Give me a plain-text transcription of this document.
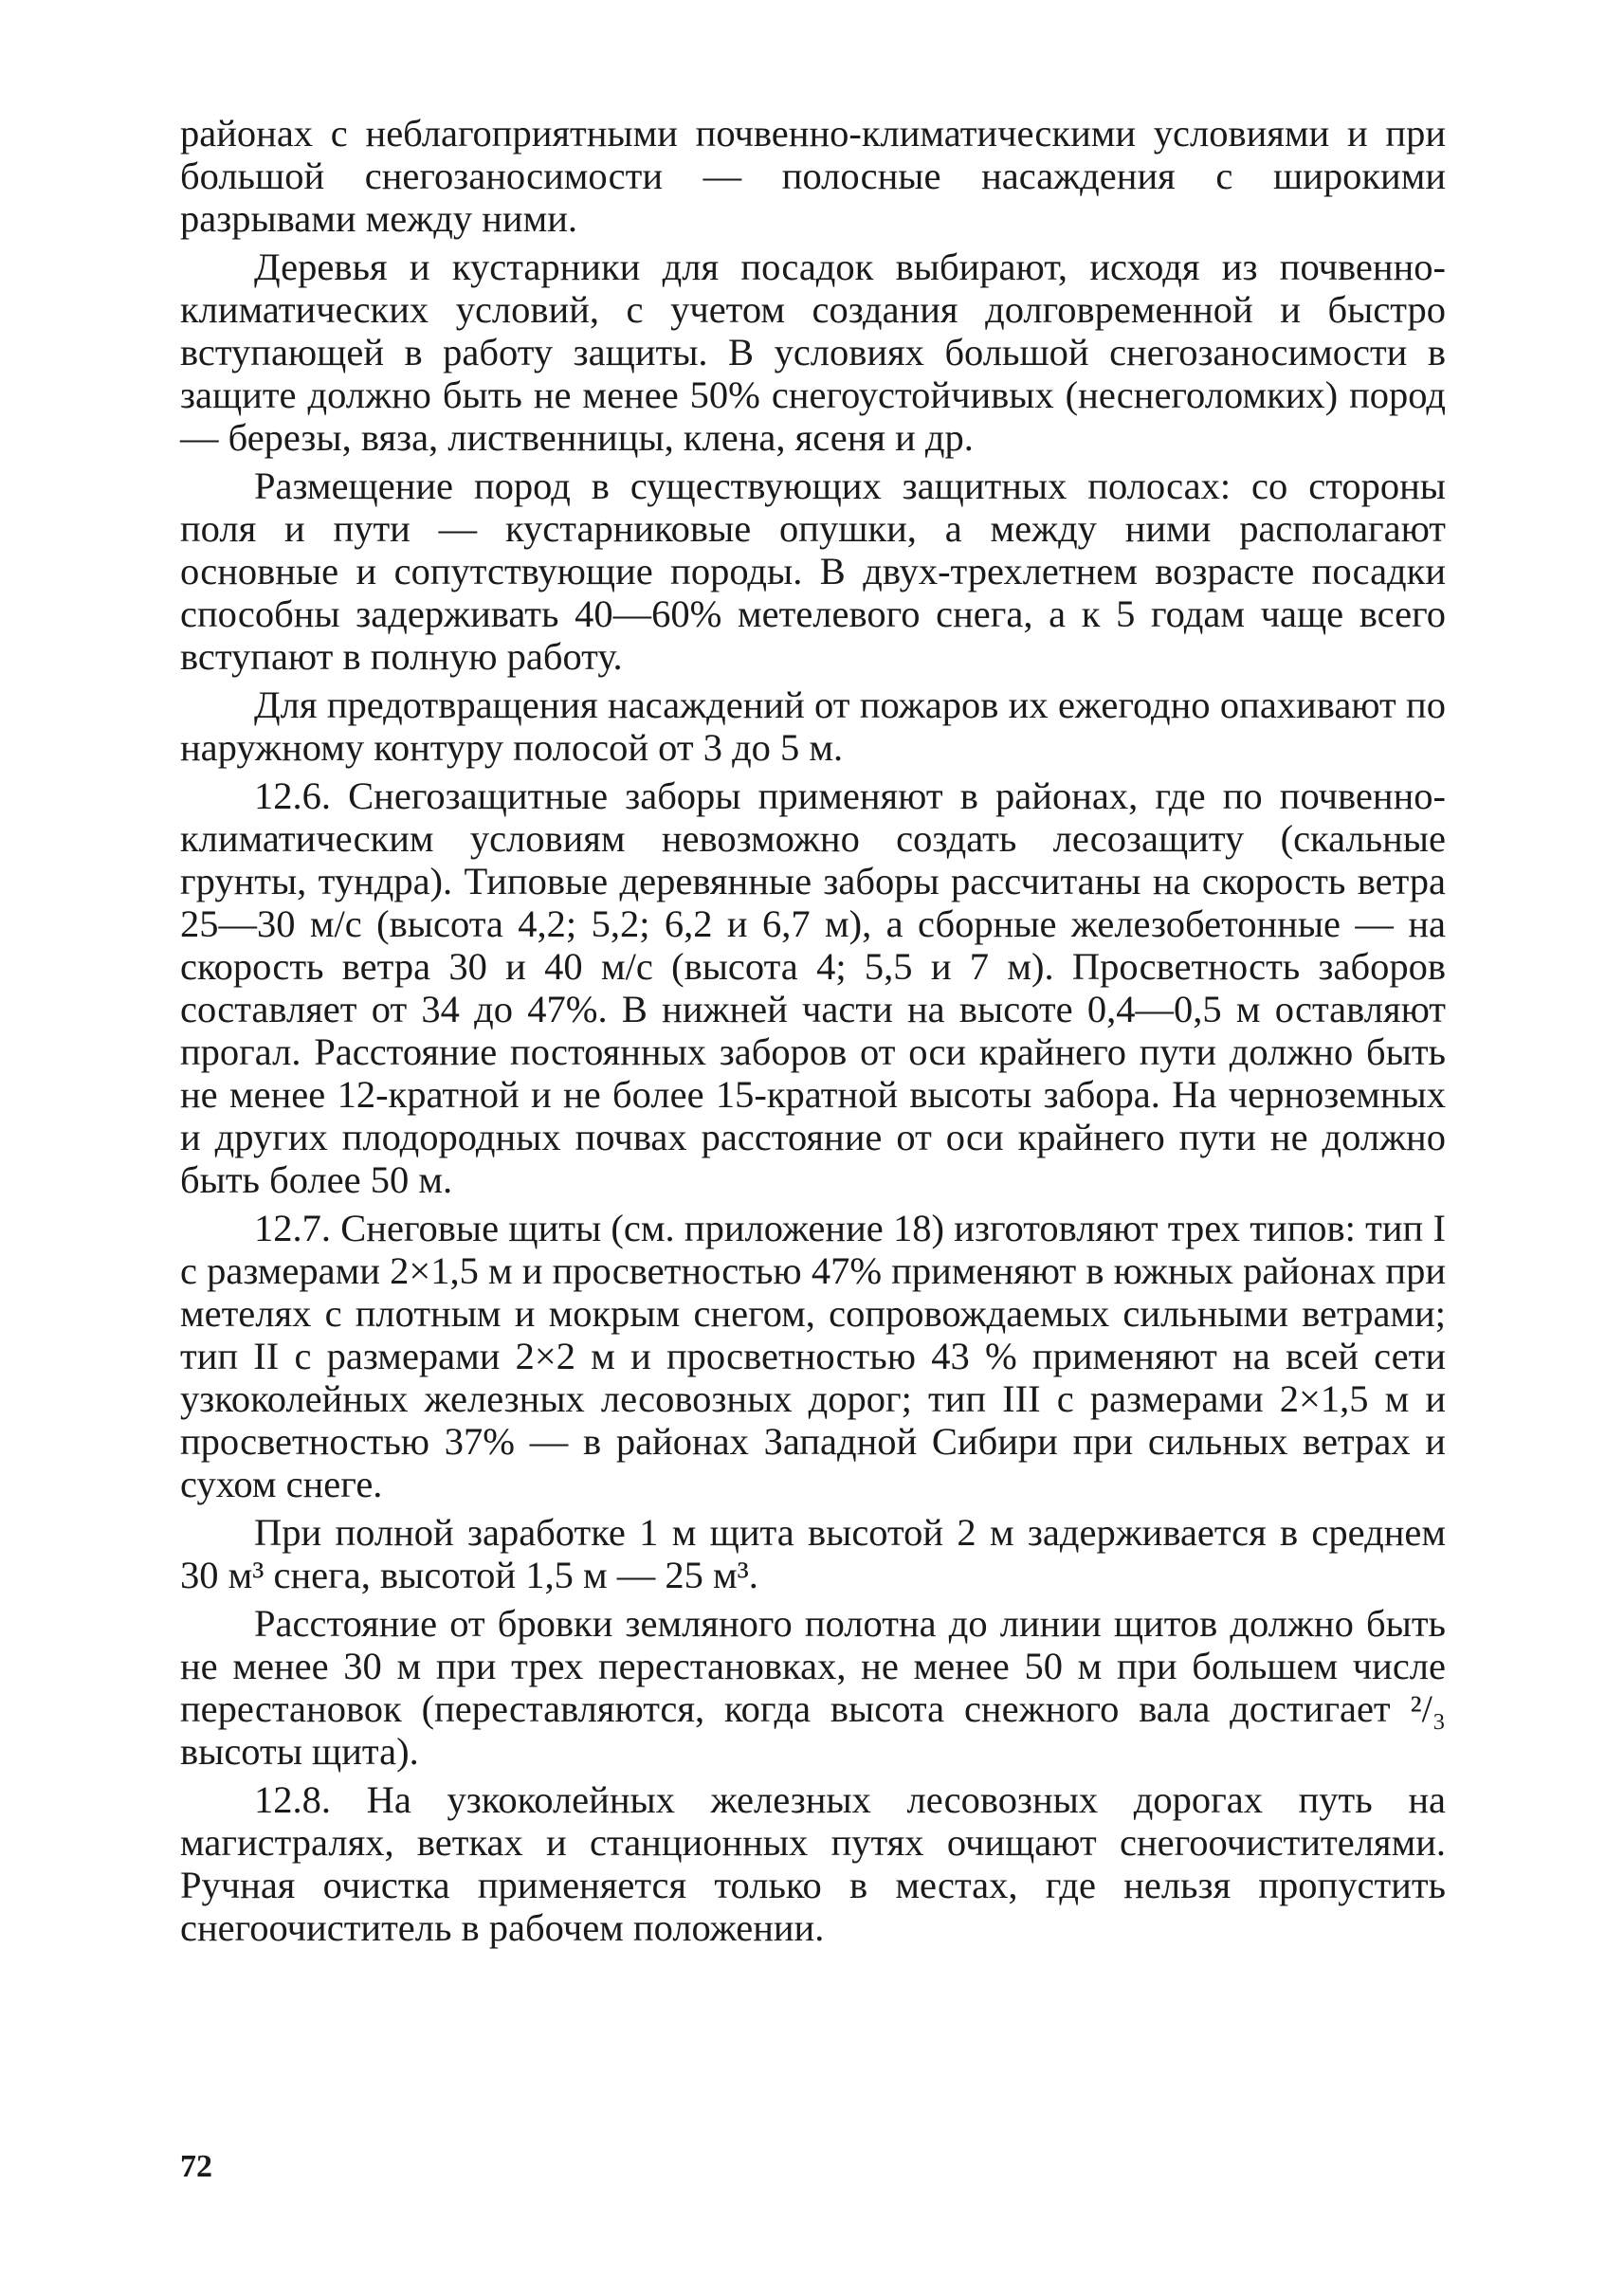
районах с неблагоприятными почвенно-климатическими условиями и при большой снегозаносимости — полосные насаждения с широкими разрывами между ними.

Деревья и кустарники для посадок выбирают, исходя из почвенно-климатических условий, с учетом создания долговременной и быстро вступающей в работу защиты. В условиях большой снегозаносимости в защите должно быть не менее 50% снегоустойчивых (неснеголомких) пород — березы, вяза, лиственницы, клена, ясеня и др.

Размещение пород в существующих защитных полосах: со стороны поля и пути — кустарниковые опушки, а между ними располагают основные и сопутствующие породы. В двух-трехлетнем возрасте посадки способны задерживать 40—60% метелевого снега, а к 5 годам чаще всего вступают в полную работу.

Для предотвращения насаждений от пожаров их ежегодно опахивают по наружному контуру полосой от 3 до 5 м.

12.6. Снегозащитные заборы применяют в районах, где по почвенно-климатическим условиям невозможно создать лесозащиту (скальные грунты, тундра). Типовые деревянные заборы рассчитаны на скорость ветра 25—30 м/с (высота 4,2; 5,2; 6,2 и 6,7 м), а сборные железобетонные — на скорость ветра 30 и 40 м/с (высота 4; 5,5 и 7 м). Просветность заборов составляет от 34 до 47%. В нижней части на высоте 0,4—0,5 м оставляют прогал. Расстояние постоянных заборов от оси крайнего пути должно быть не менее 12-кратной и не более 15-кратной высоты забора. На черноземных и других плодородных почвах расстояние от оси крайнего пути не должно быть более 50 м.

12.7. Снеговые щиты (см. приложение 18) изготовляют трех типов: тип I с размерами 2×1,5 м и просветностью 47% применяют в южных районах при метелях с плотным и мокрым снегом, сопровождаемых сильными ветрами; тип II с размерами 2×2 м и просветностью 43 % применяют на всей сети узкоколейных железных лесовозных дорог; тип III с размерами 2×1,5 м и просветностью 37% — в районах Западной Сибири при сильных ветрах и сухом снеге.

При полной заработке 1 м щита высотой 2 м задерживается в среднем 30 м³ снега, высотой 1,5 м — 25 м³.

Расстояние от бровки земляного полотна до линии щитов должно быть не менее 30 м при трех перестановках, не менее 50 м при большем числе перестановок (переставляются, когда высота снежного вала достигает ²/₃ высоты щита).

12.8. На узкоколейных железных лесовозных дорогах путь на магистралях, ветках и станционных путях очищают снегоочистителями. Ручная очистка применяется только в местах, где нельзя пропустить снегоочиститель в рабочем положении.

72
